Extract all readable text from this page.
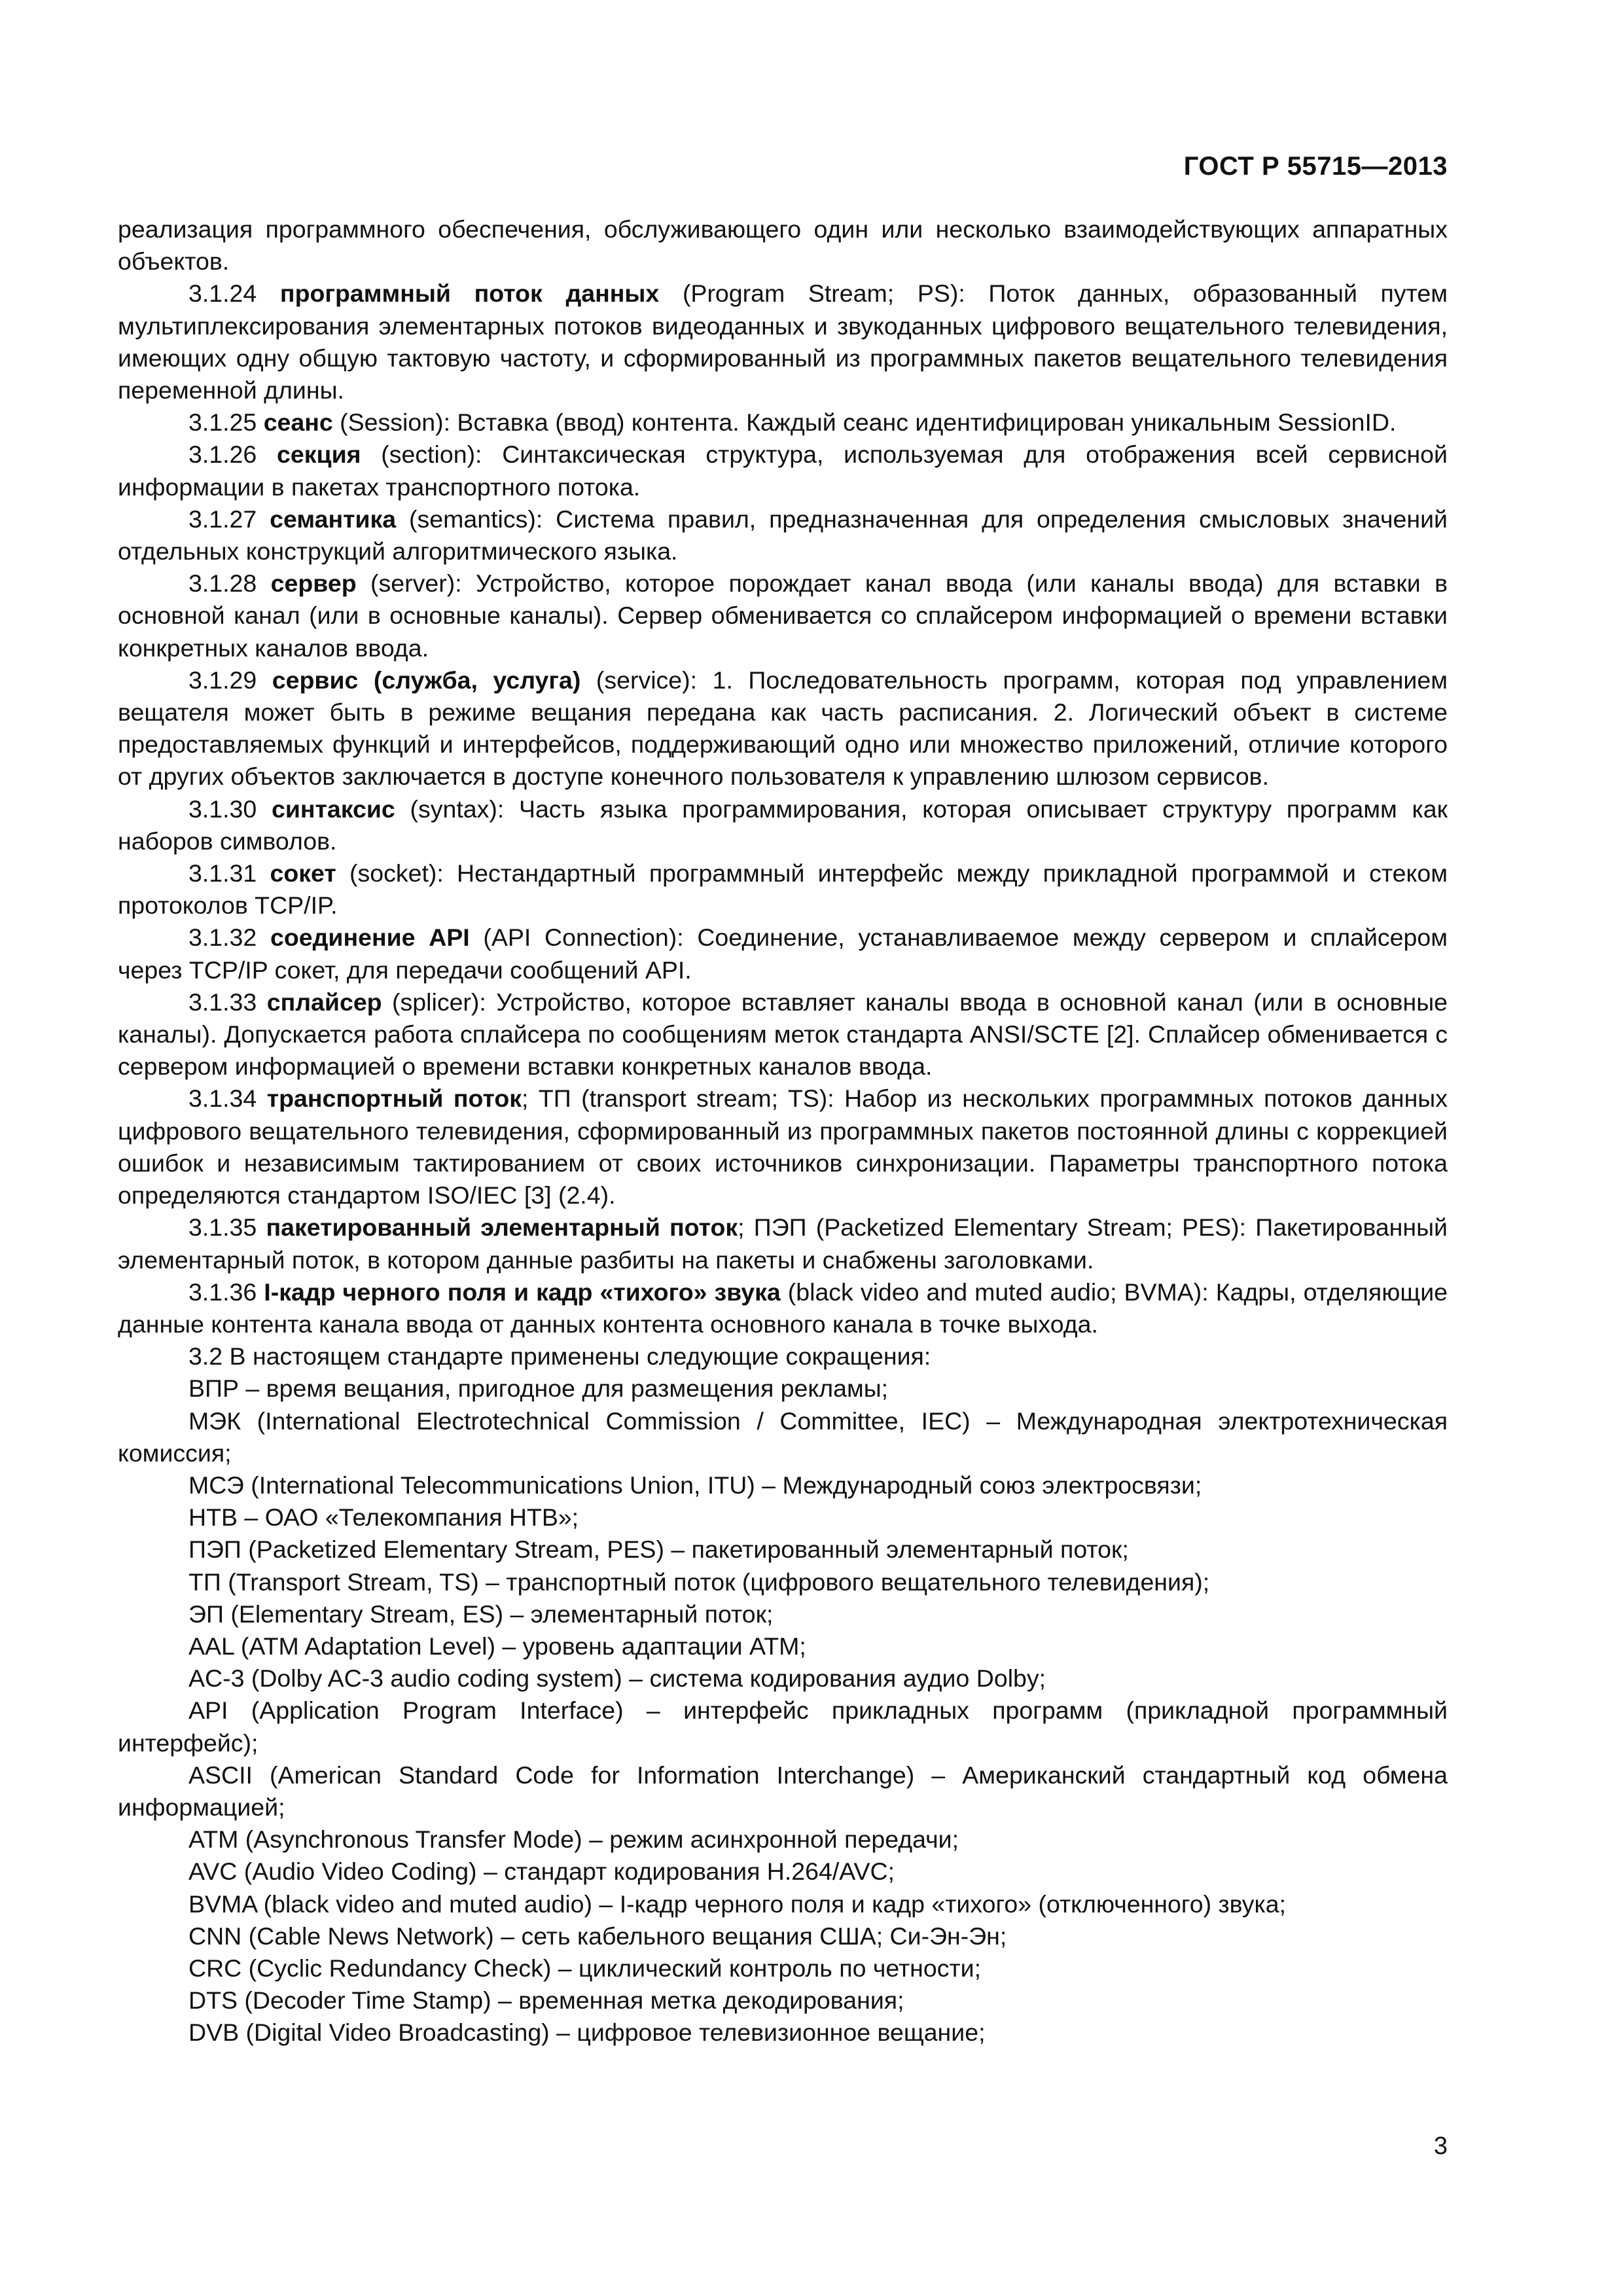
ГОСТ Р 55715—2013
реализация программного обеспечения, обслуживающего один или несколько взаимодействующих аппаратных объектов.
3.1.24 программный поток данных (Program Stream; PS): Поток данных, образованный путем мультиплексирования элементарных потоков видеоданных и звукоданных цифрового вещательного телевидения, имеющих одну общую тактовую частоту, и сформированный из программных пакетов вещательного телевидения переменной длины.
3.1.25 сеанс (Session): Вставка (ввод) контента. Каждый сеанс идентифицирован уникальным SessionID.
3.1.26 секция (section): Синтаксическая структура, используемая для отображения всей сервисной информации в пакетах транспортного потока.
3.1.27 семантика (semantics): Система правил, предназначенная для определения смысловых значений отдельных конструкций алгоритмического языка.
3.1.28 сервер (server): Устройство, которое порождает канал ввода (или каналы ввода) для вставки в основной канал (или в основные каналы). Сервер обменивается со сплайсером информацией о времени вставки конкретных каналов ввода.
3.1.29 сервис (служба, услуга) (service): 1. Последовательность программ, которая под управлением вещателя может быть в режиме вещания передана как часть расписания. 2. Логический объект в системе предоставляемых функций и интерфейсов, поддерживающий одно или множество приложений, отличие которого от других объектов заключается в доступе конечного пользователя к управлению шлюзом сервисов.
3.1.30 синтаксис (syntax): Часть языка программирования, которая описывает структуру программ как наборов символов.
3.1.31 сокет (socket): Нестандартный программный интерфейс между прикладной программой и стеком протоколов TCP/IP.
3.1.32 соединение API (API Connection): Соединение, устанавливаемое между сервером и сплайсером через TCP/IP сокет, для передачи сообщений API.
3.1.33 сплайсер (splicer): Устройство, которое вставляет каналы ввода в основной канал (или в основные каналы). Допускается работа сплайсера по сообщениям меток стандарта ANSI/SCTE [2]. Сплайсер обменивается с сервером информацией о времени вставки конкретных каналов ввода.
3.1.34 транспортный поток; ТП (transport stream; TS): Набор из нескольких программных потоков данных цифрового вещательного телевидения, сформированный из программных пакетов постоянной длины с коррекцией ошибок и независимым тактированием от своих источников синхронизации. Параметры транспортного потока определяются стандартом ISO/IEC [3] (2.4).
3.1.35 пакетированный элементарный поток; ПЭП (Packetized Elementary Stream; PES): Пакетированный элементарный поток, в котором данные разбиты на пакеты и снабжены заголовками.
3.1.36 I-кадр черного поля и кадр «тихого» звука (black video and muted audio; BVMA): Кадры, отделяющие данные контента канала ввода от данных контента основного канала в точке выхода.
3.2 В настоящем стандарте применены следующие сокращения:
ВПР – время вещания, пригодное для размещения рекламы;
МЭК (International Electrotechnical Commission / Committee, IEC) – Международная электротехническая комиссия;
МСЭ (International Telecommunications Union, ITU) – Международный союз электросвязи;
НТВ – ОАО «Телекомпания НТВ»;
ПЭП (Packetized Elementary Stream, PES) – пакетированный элементарный поток;
ТП (Transport Stream, TS) – транспортный поток (цифрового вещательного телевидения);
ЭП (Elementary Stream, ES) – элементарный поток;
AAL (ATM Adaptation Level) – уровень адаптации ATM;
AC-3 (Dolby AC-3 audio coding system) – система кодирования аудио Dolby;
API (Application Program Interface) – интерфейс прикладных программ (прикладной программный интерфейс);
ASCII (American Standard Code for Information Interchange) – Американский стандартный код обмена информацией;
ATM (Asynchronous Transfer Mode) – режим асинхронной передачи;
AVC (Audio Video Coding) – стандарт кодирования H.264/AVC;
BVMA (black video and muted audio) – I-кадр черного поля и кадр «тихого» (отключенного) звука;
CNN (Cable News Network) – сеть кабельного вещания США; Си-Эн-Эн;
CRC (Cyclic Redundancy Check) – циклический контроль по четности;
DTS (Decoder Time Stamp) – временная метка декодирования;
DVB (Digital Video Broadcasting) – цифровое телевизионное вещание;
3
